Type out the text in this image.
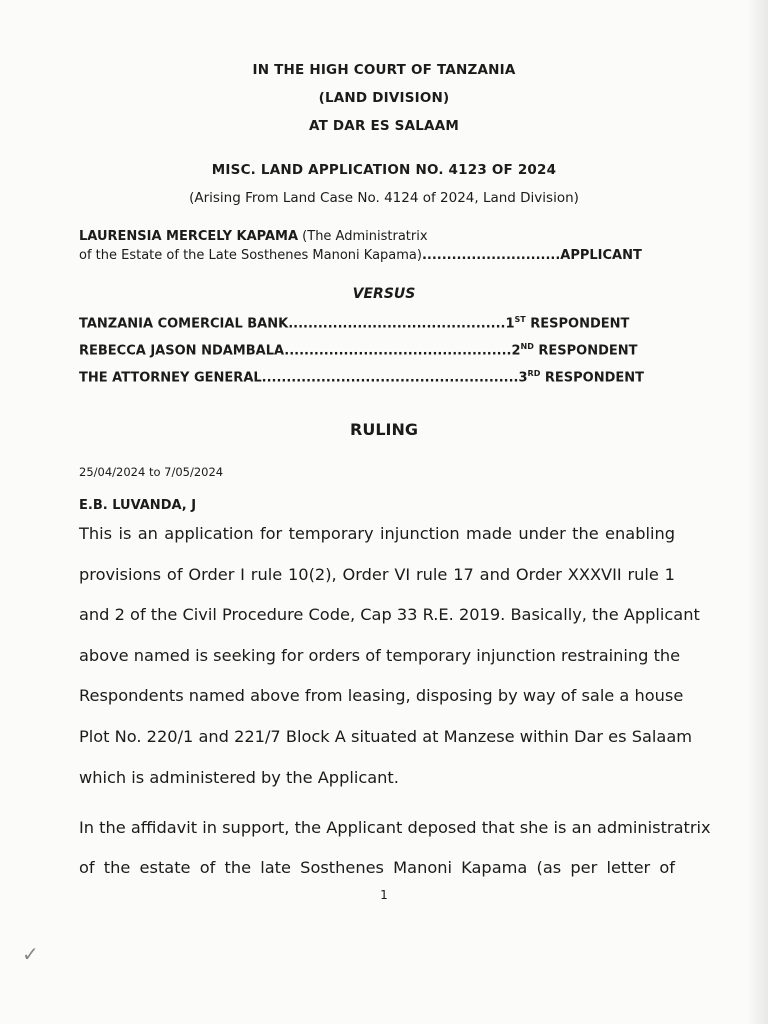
IN THE HIGH COURT OF TANZANIA
(LAND DIVISION)
AT DAR ES SALAAM
MISC. LAND APPLICATION NO. 4123 OF 2024
(Arising From Land Case No. 4124 of 2024, Land Division)
LAURENSIA MERCELY KAPAMA (The Administratrix
of the Estate of the Late Sosthenes Manoni Kapama)............................APPLICANT
VERSUS
TANZANIA COMERCIAL BANK............................................1ST RESPONDENT
REBECCA JASON NDAMBALA..............................................2ND RESPONDENT
THE ATTORNEY GENERAL....................................................3RD RESPONDENT
RULING
25/04/2024 to 7/05/2024
E.B. LUVANDA, J
This is an application for temporary injunction made under the enabling
provisions of Order I rule 10(2), Order VI rule 17 and Order XXXVII rule 1
and 2 of the Civil Procedure Code, Cap 33 R.E. 2019. Basically, the Applicant
above named is seeking for orders of temporary injunction restraining the
Respondents named above from leasing, disposing by way of sale a house
Plot No. 220/1 and 221/7 Block A situated at Manzese within Dar es Salaam
which is administered by the Applicant.
In the affidavit in support, the Applicant deposed that she is an administratrix
of the estate of the late Sosthenes Manoni Kapama (as per letter of
1
✓
